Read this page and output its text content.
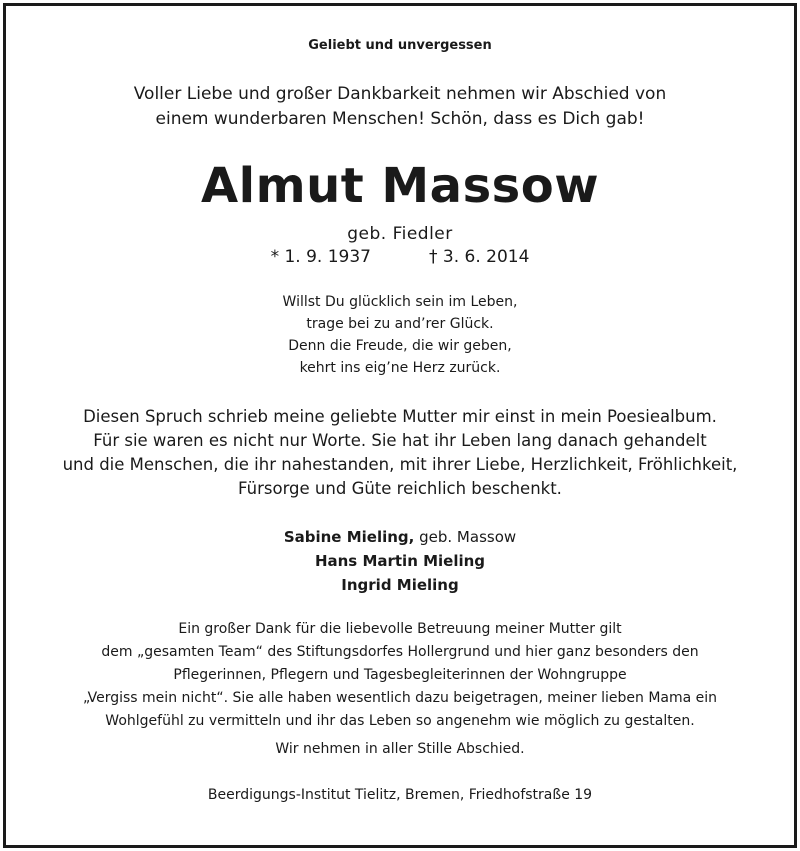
Geliebt und unvergessen
Voller Liebe und großer Dankbarkeit nehmen wir Abschied von
einem wunderbaren Menschen! Schön, dass es Dich gab!
Almut Massow
geb. Fiedler
* 1. 9. 1937	† 3. 6. 2014
Willst Du glücklich sein im Leben,
trage bei zu and’rer Glück.
Denn die Freude, die wir geben,
kehrt ins eig’ne Herz zurück.
Diesen Spruch schrieb meine geliebte Mutter mir einst in mein Poesiealbum.
Für sie waren es nicht nur Worte. Sie hat ihr Leben lang danach gehandelt
und die Menschen, die ihr nahestanden, mit ihrer Liebe, Herzlichkeit, Fröhlichkeit,
Fürsorge und Güte reichlich beschenkt.
Sabine Mieling, geb. Massow
Hans Martin Mieling
Ingrid Mieling
Ein großer Dank für die liebevolle Betreuung meiner Mutter gilt
dem „gesamten Team“ des Stiftungsdorfes Hollergrund und hier ganz besonders den
Pflegerinnen, Pflegern und Tagesbegleiterinnen der Wohngruppe
„Vergiss mein nicht“. Sie alle haben wesentlich dazu beigetragen, meiner lieben Mama ein
Wohlgefühl zu vermitteln und ihr das Leben so angenehm wie möglich zu gestalten.
Wir nehmen in aller Stille Abschied.
Beerdigungs-Institut Tielitz, Bremen, Friedhofstraße 19
